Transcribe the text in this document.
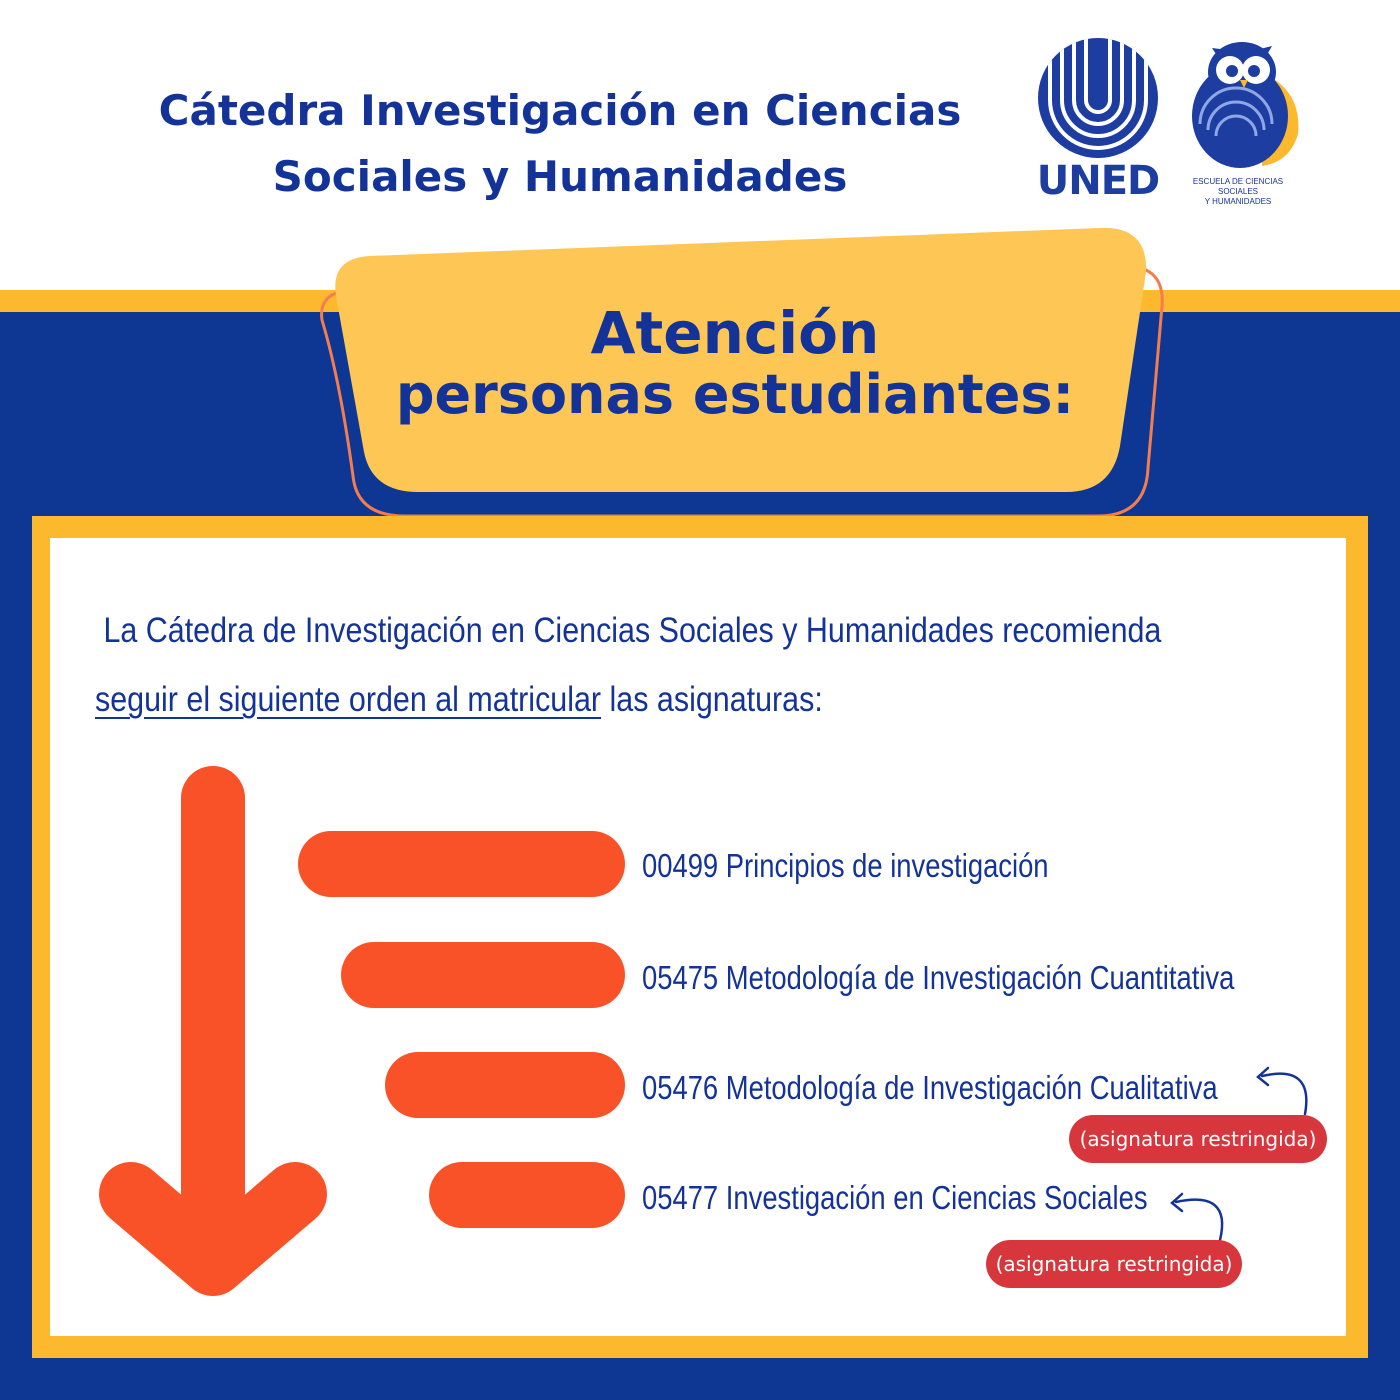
Cátedra Investigación en Ciencias
Sociales y Humanidades	UNED	ESCUELA DE CIENCIAS SOCIALES
Y HUMANIDADES
Atención
personas estudiantes:
La Cátedra de Investigación en Ciencias Sociales y Humanidades recomienda
seguir el siguiente orden al matricular las asignaturas:
00499 Principios de investigación
05475 Metodología de Investigación Cuantitativa
05476 Metodología de Investigación Cualitativa
05477 Investigación en Ciencias Sociales
(asignatura restringida)
(asignatura restringida)
